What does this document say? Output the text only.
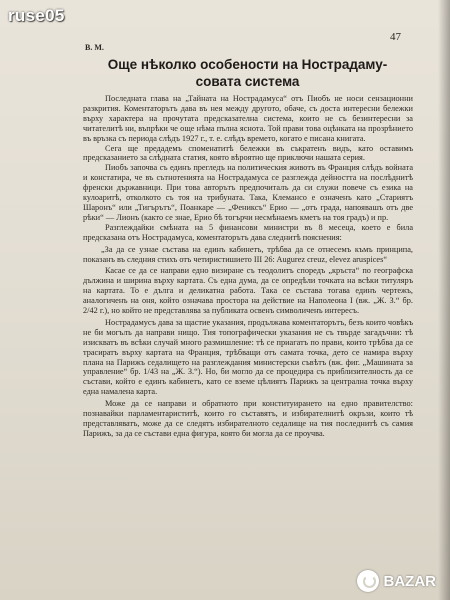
ruse05
47
В. М.
Още нѣколко особености на Нострадаму-
совата система

Последната глава на „Тайната на Нострадамуса“ отъ Пиобъ не носи сензационни разкрития. Коментаторътъ дава въ нея между другото, обаче, съ доста интересни бележки върху характера на прочутата предсказателна система, които не съ безинтересни за читателитѣ ни, въпрѣки че още нѣма пълна яснота. Той прави това оцѣнката на прозрѣнието въ връзка съ периода слѣдъ 1927 г., т. е. слѣдъ времето, когато е писана книгата.

Сега ще предадемъ споменатитѣ бележки въ съкратенъ видъ, като оставимъ предсказанието за слѣдната статия, която вѣроятно ще приключи нашата серия.

Пиобъ започва съ единъ прегледъ на политическия животъ въ Франция слѣдъ войната и констатира, че въ сътнотенията на Нострадамуса се разглежда дейността на послѣднитѣ френски държавници. При това авторътъ предпочиталъ да си служи повече съ езика на кулоаритѣ, отколкото съ тоя на трибуната. Така, Клемансо е означенъ като „Стариятъ Шаронъ“ или „Тигърътъ“, Поанкаре — „Фениксъ“ Ерио — „отъ града, напоявашъ отъ две рѣки“ — Лионъ (както се знае, Ерио бѣ тогърчи несмѣнаемъ кметъ на тоя градъ) и пр.

Разглеждайки смѣната на 5 финансови министри въ 8 месеца, което е била предсказана отъ Нострадамуса, коментаторътъ дава следнитѣ пояснения:

„За да се узнае състава на единъ кабинетъ, трѣбва да се отнесемъ къмъ принципа, показанъ въ следния стихъ отъ четиристишието III 26: Augurez creuz, elevez aruspices“

Касае се да се направи едно визиране съ теодолитъ споредъ „кръста“ по географска дължина и ширина върху картата. Съ една дума, да се опредѣли точката на всѣки титуляръ на картата. То е дълга и деликатна работа. Така се състава тогава единъ чертежъ, аналогиченъ на оня, който означава простора на действие на Наполеона I (вж. „Ж. З.“ бр. 2/42 г.), но който не представлява за публиката освенъ символиченъ интересъ.

Нострадамусъ дава за щастие указания, продължава коментаторътъ, безъ които човѣкъ не би могълъ да направи нищо. Тия топографически указания не съ твърде загадъчни: тѣ изискватъ въ всѣки случай много размишление: тѣ се приагатъ по прави, които трѣбва да се трасиратъ върху картата на Франция, трѣбващи отъ самата точка, дето се намира върху плана на Парижъ седалището на разглеждания министерски съвѣтъ (вж. фиг. „Машината за управление“ бр. 1/43 на „Ж. З.“). Но, би могло да се процедира съ приблизителность да се състави, който е единъ кабинетъ, като се вземе цѣлиятъ Парижъ за централна точка върху една намалена карта.

Може да се направи и обратното при конституирането на едно правителство: познавайки парламентариститѣ, които го съставятъ, и избирателнитѣ окръзи, които тѣ представляватъ, може да се следятъ избирателното седалище на тия последнитѣ съ самия Парижъ, за да се състави една фигура, която би могла да се проучва.

BAZAR
